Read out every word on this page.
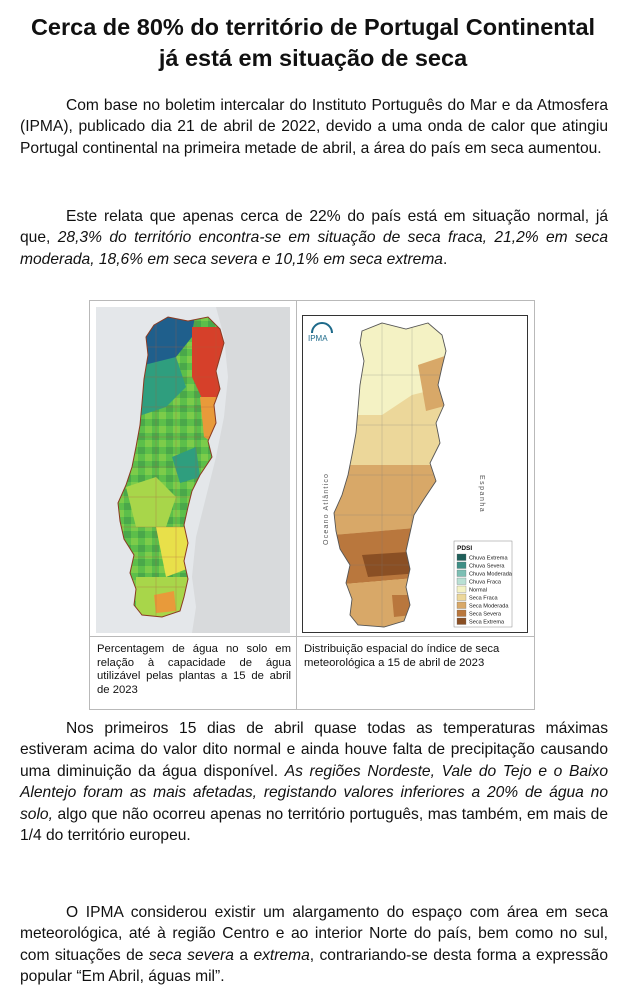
Cerca de 80% do território de Portugal Continental
já está em situação de seca

Com base no boletim intercalar do Instituto Português do Mar e da Atmosfera (IPMA), publicado dia 21 de abril de 2022, devido a uma onda de calor que atingiu Portugal continental na primeira metade de abril, a área do país em seca aumentou.

Este relata que apenas cerca de 22% do país está em situação normal, já que, 28,3% do território encontra-se em situação de seca fraca, 21,2% em seca moderada, 18,6% em seca severa e 10,1% em seca extrema.

IPMA
Oceano Atlântico	Espanha
PDSI
Chuva Extrema
Chuva Severa
Chuva Moderada
Chuva Fraca
Normal
Seca Fraca
Seca Moderada
Seca Severa
Seca Extrema
Percentagem de água no solo em relação à capacidade de água utilizável pelas plantas a 15 de abril de 2023
Distribuição espacial do índice de seca meteorológica a 15 de abril de 2023

Nos primeiros 15 dias de abril quase todas as temperaturas máximas estiveram acima do valor dito normal e ainda houve falta de precipitação causando uma diminuição da água disponível. As regiões Nordeste, Vale do Tejo e o Baixo Alentejo foram as mais afetadas, registando valores inferiores a 20% de água no solo, algo que não ocorreu apenas no território português, mas também, em mais de 1/4 do território europeu.

O IPMA considerou existir um alargamento do espaço com área em seca meteorológica, até à região Centro e ao interior Norte do país, bem como no sul, com situações de seca severa a extrema, contrariando-se desta forma a expressão popular “Em Abril, águas mil”.
